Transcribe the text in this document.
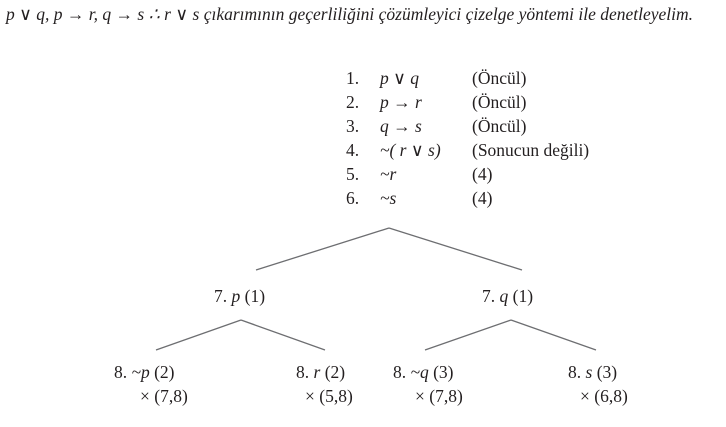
p ∨ q, p → r, q → s ∴ r ∨ s çıkarımının geçerliliğini çözümleyici çizelge yöntemi ile denetleyelim.

1.	p ∨ q	(Öncül)
2.	p → r	(Öncül)
3.	q → s	(Öncül)
4.	~( r ∨ s)	(Sonucun değili)
5.	~r	(4)
6.	~s	(4)
7. p (1)	7. q (1)
8. ~p (2)
× (7,8)
8. r (2)
× (5,8)
8. ~q (3)
× (7,8)
8. s (3)
× (6,8)
